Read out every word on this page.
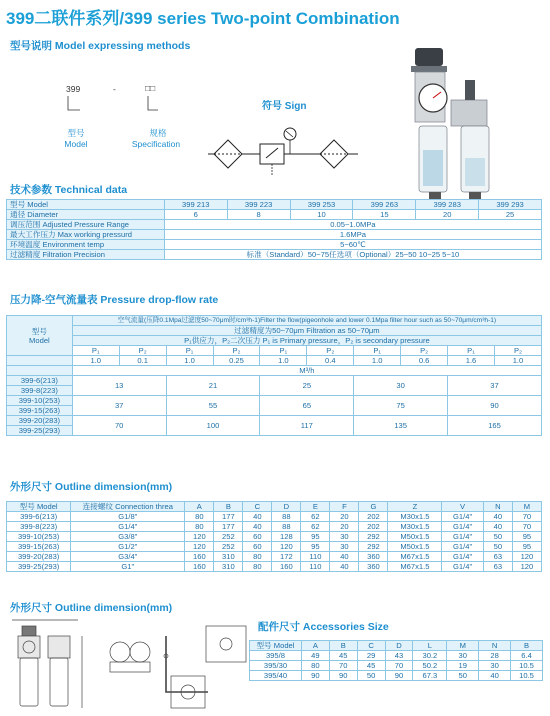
399二联件系列/399 series Two-point Combination
型号说明 Model expressing methods
399	-	□□
型号
Model
规格
Specification
符号 Sign
技术参数 Technical data
型号 Model	399 213	399 223	399 253	399 263	399 283	399 293
通径 Diameter	6	8	10	15	20	25
调压范围 Adjusted Pressure Range	0.05~1.0MPa					
最大工作压力 Max working pressurd	1.6MPa					
环境温度 Environment temp	5~60℃					
过滤精度 Filtration Precision	标准（Standard）50~75任选项（Optional）25~50 10~25 5~10					
压力降-空气流量表 Pressure drop-flow rate
型号
Model	空气流量(压降0.1Mpa过滤度50~70μm时/cm³h-1)Filter the flow(pigeonhole and lower 0.1Mpa filter hour such as 50~70μm/cm³h-1)									
	过滤精度为50~70μm Filtration as 50~70μm									
	P₁供应力，P₂二次压力 P₁ is Primary pressure，P₂ is secondary pressure									
	P₁	P₂	P₁	P₂	P₁	P₂	P₁	P₂	P₁	P₂
	1.0	0.1	1.0	0.25	1.0	0.4	1.0	0.6	1.6	1.0
	M³/h									
399-6(213)	13		21		25		30		37	
399-8(223)										
399-10(253)	37		55		65		75		90	
399-15(263)										
399-20(283)	70		100		117		135		165	
399-25(293)										
外形尺寸 Outline dimension(mm)
型号 Model	连接螺纹 Connection threa	A	B	C	D	E	F	G	Z	V	N	M
399-6(213)	G1/8"	80	177	40	88	62	20	202	M30x1.5	G1/4"	40	70
399-8(223)	G1/4"	80	177	40	88	62	20	202	M30x1.5	G1/4"	40	70
399-10(253)	G3/8"	120	252	60	128	95	30	292	M50x1.5	G1/4"	50	95
399-15(263)	G1/2"	120	252	60	120	95	30	292	M50x1.5	G1/4"	50	95
399-20(283)	G3/4"	160	310	80	172	110	40	360	M67x1.5	G1/4"	63	120
399-25(293)	G1"	160	310	80	160	110	40	360	M67x1.5	G1/4"	63	120
外形尺寸 Outline dimension(mm)
配件尺寸 Accessories Size
型号 Model	A	B	C	D	L	M	N	B
395/8	49	45	29	43	30.2	30	28	6.4
395/30	80	70	45	70	50.2	19	30	10.5
395/40	90	90	50	90	67.3	50	40	10.5
